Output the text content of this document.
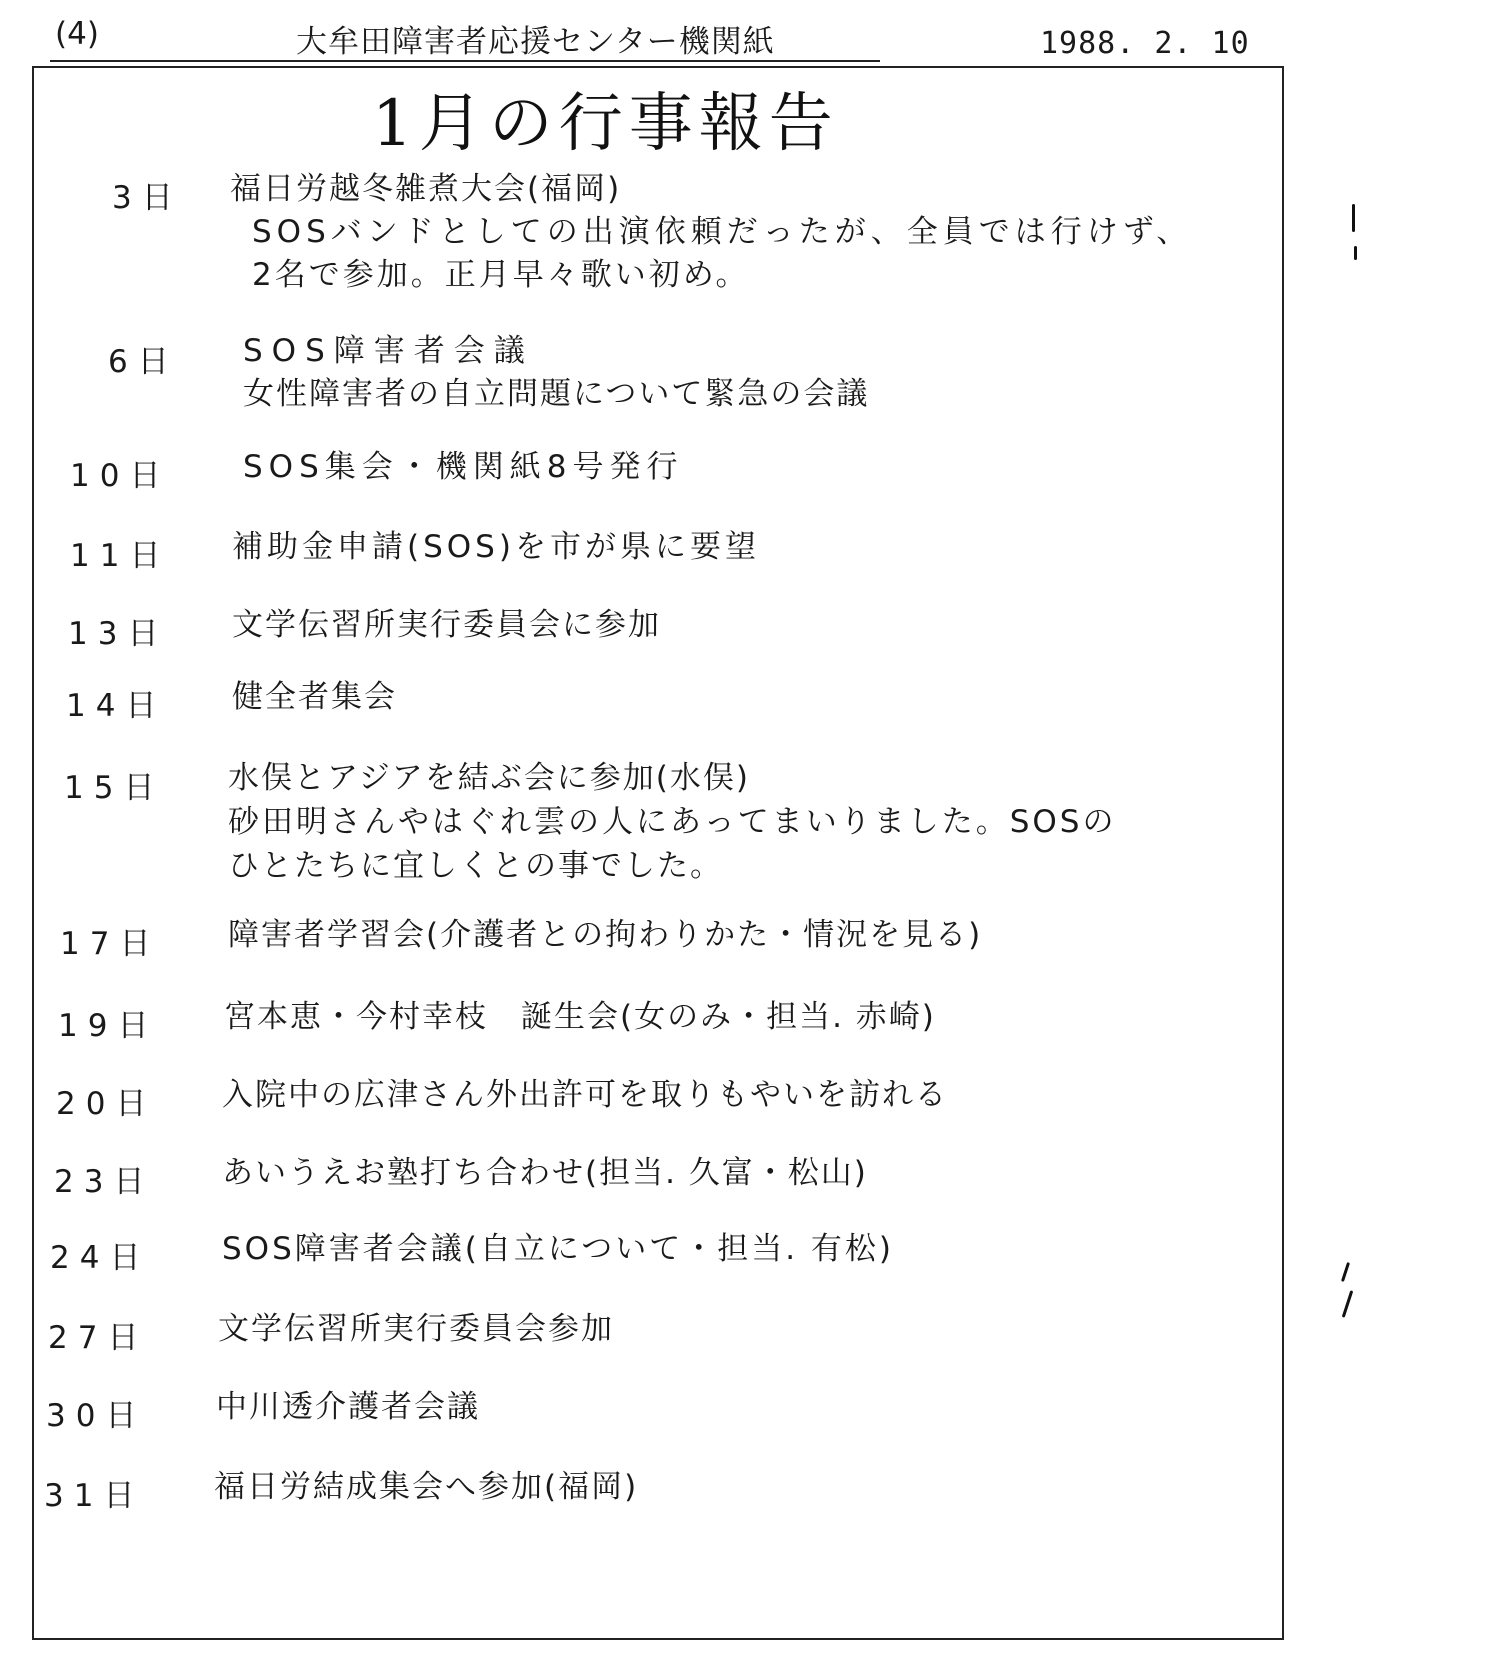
(4)	大牟田障害者応援センター機関紙	1988. 2. 10
1月の行事報告
3日 福日労越冬雑煮大会(福岡)
SOSバンドとしての出演依頼だったが、全員では行けず、
2名で参加。正月早々歌い初め。
6日 SOS障害者会議
女性障害者の自立問題について緊急の会議
10日 SOS集会・機関紙8号発行
11日 補助金申請(SOS)を市が県に要望
13日 文学伝習所実行委員会に参加
14日 健全者集会
15日 水俣とアジアを結ぶ会に参加(水俣)
砂田明さんやはぐれ雲の人にあってまいりました。SOSの
ひとたちに宜しくとの事でした。
17日 障害者学習会(介護者との拘わりかた・情況を見る)
19日 宮本恵・今村幸枝　誕生会(女のみ・担当. 赤崎)
20日 入院中の広津さん外出許可を取りもやいを訪れる
23日 あいうえお塾打ち合わせ(担当. 久富・松山)
24日 SOS障害者会議(自立について・担当. 有松)
27日 文学伝習所実行委員会参加
30日 中川透介護者会議
31日 福日労結成集会へ参加(福岡)
